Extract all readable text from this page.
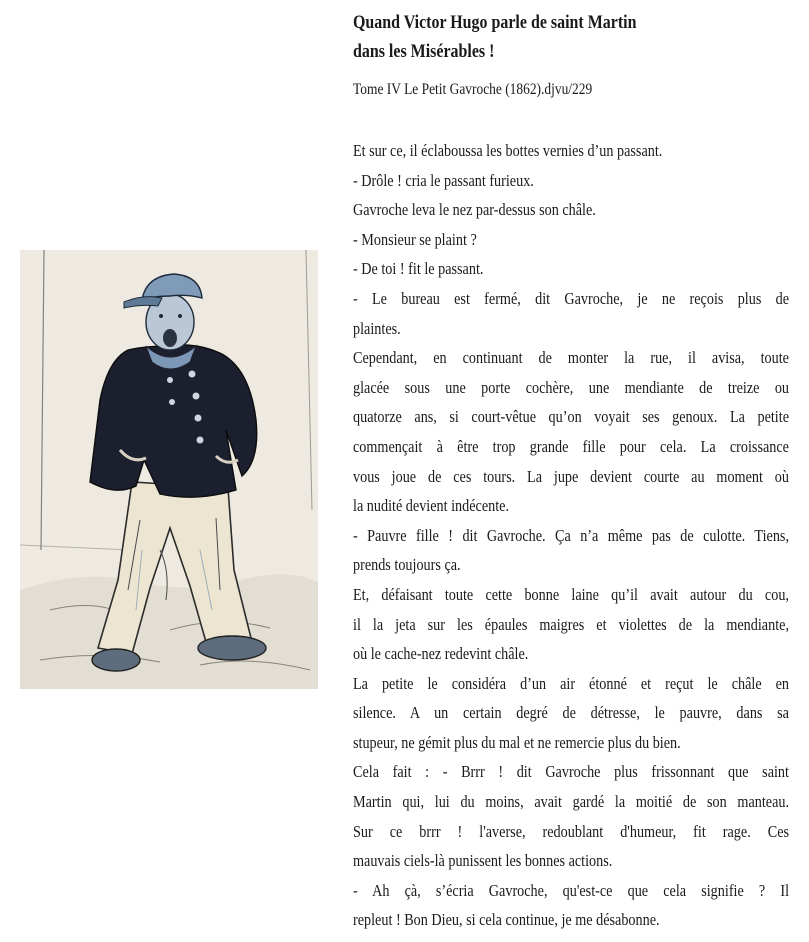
Quand Victor Hugo parle de saint Martin
dans les Misérables !
Tome IV Le Petit Gavroche (1862).djvu/229
Et sur ce, il éclaboussa les bottes vernies d’un passant.
- Drôle ! cria le passant furieux.
Gavroche leva le nez par-dessus son châle.
- Monsieur se plaint ?
- De toi ! fit le passant.
- Le bureau est fermé, dit Gavroche, je ne reçois plus de
plaintes.
Cependant, en continuant de monter la rue, il avisa, toute
glacée sous une porte cochère, une mendiante de treize ou
quatorze ans, si court-vêtue qu’on voyait ses genoux. La petite
commençait à être trop grande fille pour cela. La croissance
vous joue de ces tours. La jupe devient courte au moment où
la nudité devient indécente.
- Pauvre fille ! dit Gavroche. Ça n’a même pas de culotte. Tiens,
prends toujours ça.
Et, défaisant toute cette bonne laine qu’il avait autour du cou,
il la jeta sur les épaules maigres et violettes de la mendiante,
où le cache-nez redevint châle.
La petite le considéra d’un air étonné et reçut le châle en
silence. A un certain degré de détresse, le pauvre, dans sa
stupeur, ne gémit plus du mal et ne remercie plus du bien.
Cela fait : - Brrr ! dit Gavroche plus frissonnant que saint
Martin qui, lui du moins, avait gardé la moitié de son manteau.
Sur ce brrr ! l'averse, redoublant d'humeur, fit rage. Ces
mauvais ciels-là punissent les bonnes actions.
- Ah çà, s’écria Gavroche, qu'est-ce que cela signifie ? Il
repleut ! Bon Dieu, si cela continue, je me désabonne.
